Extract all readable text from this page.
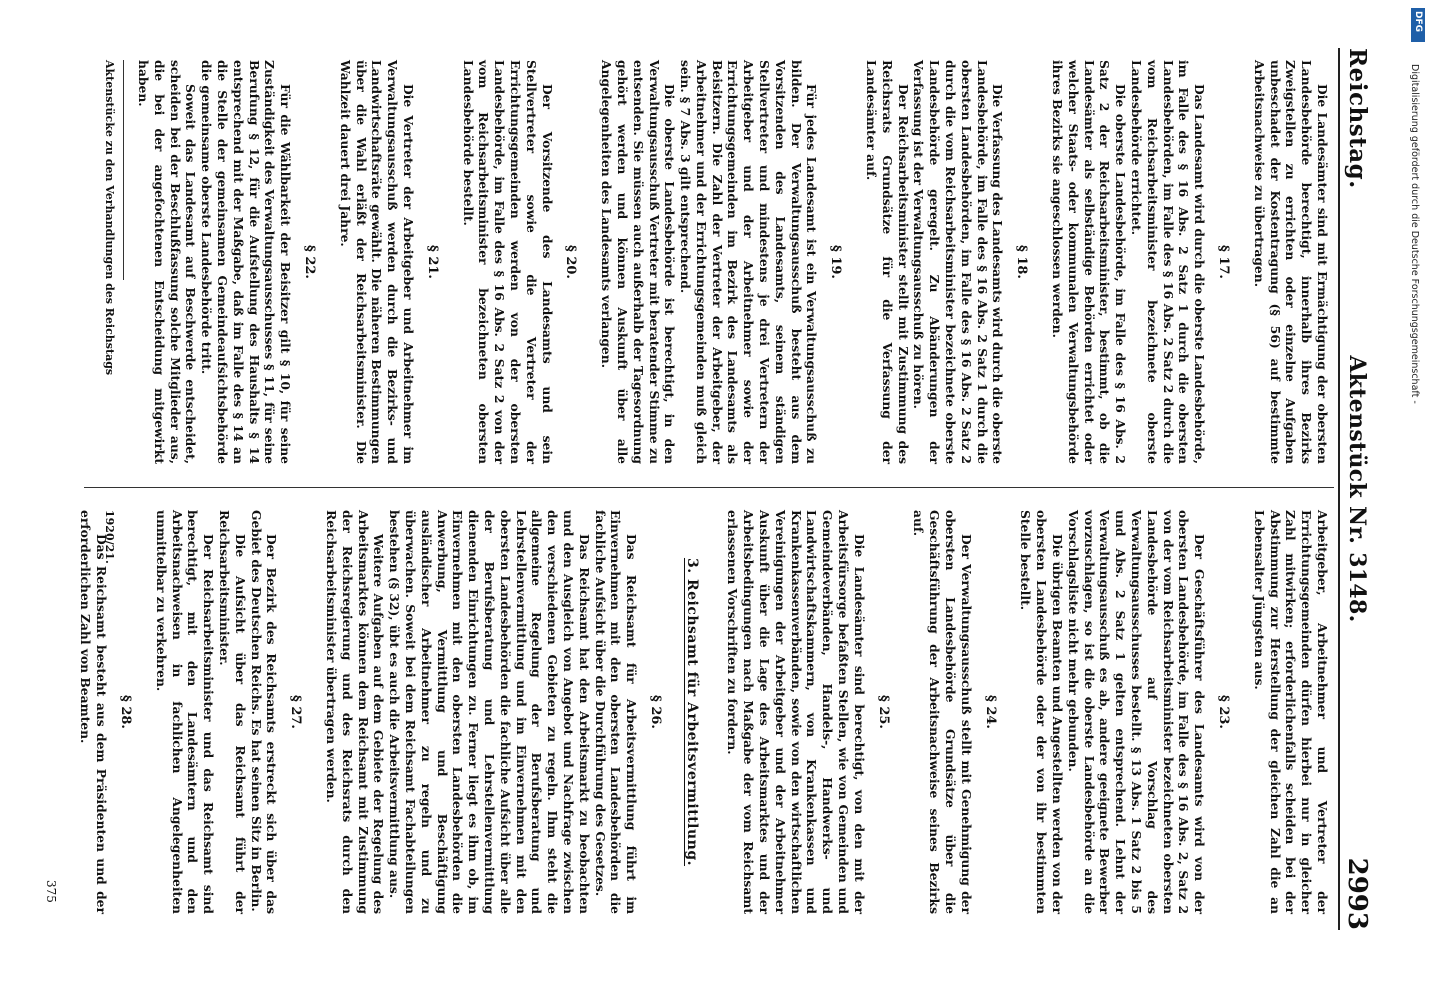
Reichstag.
Aktenstück Nr. 3148.
2993

Die Landesämter sind mit Ermächtigung der obersten Landesbehörde berechtigt, innerhalb ihres Bezirks Zweigstellen zu errichten oder einzelne Aufgaben unbeschadet der Kostentragung (§ 56) auf bestimmte Arbeitsnachweise zu übertragen.

§ 17.

Das Landesamt wird durch die oberste Landesbehörde, im Falle des § 16 Abs. 2 Satz 1 durch die obersten Landesbehörden, im Falle des § 16 Abs. 2 Satz 2 durch die vom Reichsarbeitsminister bezeichnete oberste Landesbehörde errichtet.

Die oberste Landesbehörde, im Falle des § 16 Abs. 2 Satz 2 der Reichsarbeitsminister, bestimmt, ob die Landesämter als selbständige Behörden errichtet oder welcher Staats- oder kommunalen Verwaltungsbehörde ihres Bezirks sie angeschlossen werden.

§ 18.

Die Verfassung des Landesamts wird durch die oberste Landesbehörde, im Falle des § 16 Abs. 2 Satz 1 durch die obersten Landesbehörden, im Falle des § 16 Abs. 2 Satz 2 durch die vom Reichsarbeitsminister bezeichnete oberste Landesbehörde geregelt. Zu Abänderungen der Verfassung ist der Verwaltungsausschuß zu hören.

Der Reichsarbeitsminister stellt mit Zustimmung des Reichsrats Grundsätze für die Verfassung der Landesämter auf.

§ 19.

Für jedes Landesamt ist ein Verwaltungsausschuß zu bilden. Der Verwaltungsausschuß besteht aus dem Vorsitzenden des Landesamts, seinem ständigen Stellvertreter und mindestens je drei Vertretern der Arbeitgeber und der Arbeitnehmer sowie der Errichtungsgemeinden im Bezirk des Landesamts als Beisitzern. Die Zahl der Vertreter der Arbeitgeber, der Arbeitnehmer und der Errichtungsgemeinden muß gleich sein. § 7 Abs. 3 gilt entsprechend.

Die oberste Landesbehörde ist berechtigt, in den Verwaltungsausschuß Vertreter mit beratender Stimme zu entsenden. Sie müssen auch außerhalb der Tagesordnung gehört werden und können Auskunft über alle Angelegenheiten des Landesamts verlangen.

§ 20.

Der Vorsitzende des Landesamts und sein Stellvertreter sowie die Vertreter der Errichtungsgemeinden werden von der obersten Landesbehörde, im Falle des § 16 Abs. 2 Satz 2 von der vom Reichsarbeitsminister bezeichneten obersten Landesbehörde bestellt.

§ 21.

Die Vertreter der Arbeitgeber und Arbeitnehmer im Verwaltungsausschuß werden durch die Bezirks- und Landwirtschaftsräte gewählt. Die näheren Bestimmungen über die Wahl erläßt der Reichsarbeitsminister. Die Wahlzeit dauert drei Jahre.

§ 22.

Für die Wählbarkeit der Beisitzer gilt § 10, für seine Zuständigkeit des Verwaltungsausschusses § 11, für seine Berufung § 12, für die Aufstellung des Haushalts § 14 entsprechend mit der Maßgabe, daß im Falle des § 14 an die Stelle der gemeinsamen Gemeindeaufsichtsbehörde die gemeinsame oberste Landesbehörde tritt.

Soweit das Landesamt auf Beschwerde entscheidet, scheiden bei der Beschlußfassung solche Mitglieder aus, die bei der angefochtenen Entscheidung mitgewirkt haben.

Arbeitgeber, Arbeitnehmer und Vertreter der Errichtungsgemeinden dürfen hierbei nur in gleicher Zahl mitwirken; erforderlichenfalls scheiden bei der Abstimmung zur Herstellung der gleichen Zahl die an Lebensalter Jüngsten aus.

§ 23.

Der Geschäftsführer des Landesamts wird von der obersten Landesbehörde, im Falle des § 16 Abs. 2, Satz 2 von der vom Reichsarbeitsminister bezeichneten obersten Landesbehörde auf Vorschlag des Verwaltungsausschusses bestellt. § 13 Abs. 1 Satz 2 bis 5 und Abs. 2 Satz 1 gelten entsprechend. Lehnt der Verwaltungsausschuß es ab, andere geeignete Bewerber vorzuschlagen, so ist die oberste Landesbehörde an die Vorschlagsliste nicht mehr gebunden.

Die übrigen Beamten und Angestellten werden von der obersten Landesbehörde oder der von ihr bestimmten Stelle bestellt.

§ 24.

Der Verwaltungsausschuß stellt mit Genehmigung der obersten Landesbehörde Grundsätze über die Geschäftsführung der Arbeitsnachweise seines Bezirks auf.

§ 25.

Die Landesämter sind berechtigt, von den mit der Arbeitsfürsorge befaßten Stellen, wie von Gemeinden und Gemeindeverbänden, Handels-, Handwerks- und Landwirtschaftskammern, von Krankenkassen und Krankenkassenverbänden, sowie von den wirtschaftlichen Vereinigungen der Arbeitgeber und der Arbeitnehmer Auskunft über die Lage des Arbeitsmarktes und der Arbeitsbedingungen nach Maßgabe der vom Reichsamt erlassenen Vorschriften zu fordern.

3. Reichsamt für Arbeitsvermittlung.
§ 26.

Das Reichsamt für Arbeitsvermittlung führt im Einvernehmen mit den obersten Landesbehörden die fachliche Aufsicht über die Durchführung des Gesetzes.

Das Reichsamt hat den Arbeitsmarkt zu beobachten und den Ausgleich von Angebot und Nachfrage zwischen den verschiedenen Gebieten zu regeln. Ihm steht die allgemeine Regelung der Berufsberatung und Lehrstellenvermittlung und im Einvernehmen mit den obersten Landesbehörden die fachliche Aufsicht über alle der Berufsberatung und Lehrstellenvermittlung dienenden Einrichtungen zu. Ferner liegt es ihm ob, im Einvernehmen mit den obersten Landesbehörden die Anwerbung, Vermittlung und Beschäftigung ausländischer Arbeitnehmer zu regeln und zu überwachen. Soweit bei dem Reichsamt Fachabteilungen bestehen (§ 32), übt es auch die Arbeitsvermittlung aus.

Weitere Aufgaben auf dem Gebiete der Regelung des Arbeitsmarktes können dem Reichsamt mit Zustimmung der Reichsregierung und des Reichsrats durch den Reichsarbeitsminister übertragen werden.

§ 27.

Der Bezirk des Reichsamts erstreckt sich über das Gebiet des Deutschen Reichs. Es hat seinen Sitz in Berlin.

Die Aufsicht über das Reichsamt führt der Reichsarbeitsminister.

Der Reichsarbeitsminister und das Reichsamt sind berechtigt, mit den Landesämtern und den Arbeitsnachweisen in fachlichen Angelegenheiten unmittelbar zu verkehren.

§ 28.

Das Reichsamt besteht aus dem Präsidenten und der erforderlichen Zahl von Beamten.

Aktenstücke zu den Verhandlungen des Reichstags
1920/21.
375
DFG
Digitalisierung gefördert durch die Deutsche Forschungsgemeinschaft -
